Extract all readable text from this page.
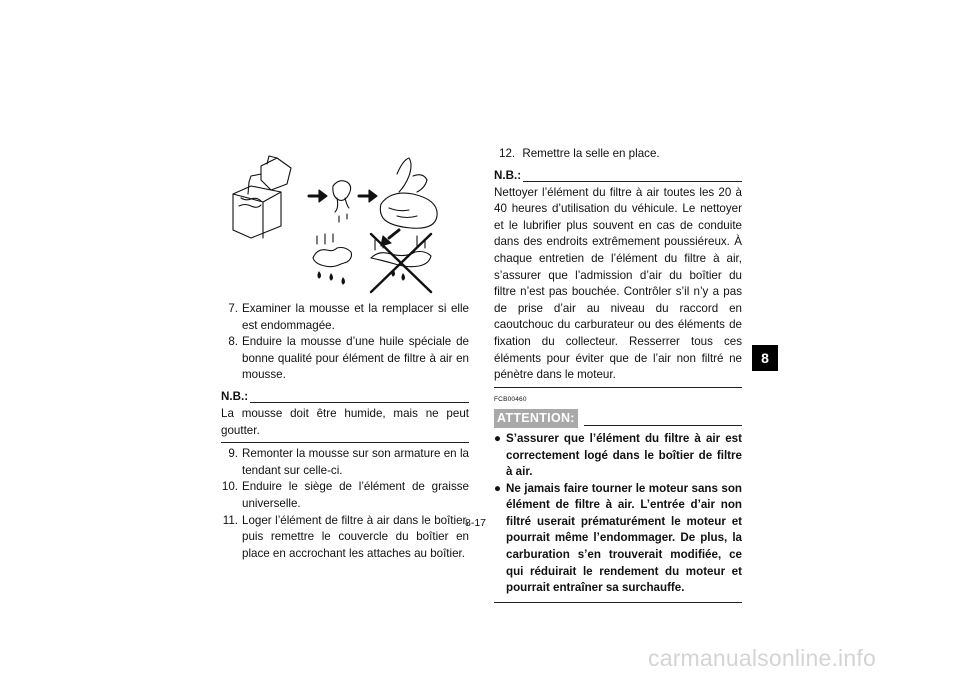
7. Examiner la mousse et la remplacer si elle est endommagée.
8. Enduire la mousse d’une huile spéciale de bonne qualité pour élément de filtre à air en mousse.
N.B.:
La mousse doit être humide, mais ne peut goutter.
9. Remonter la mousse sur son armature en la tendant sur celle-ci.
10. Enduire le siège de l’élément de graisse universelle.
11. Loger l’élément de filtre à air dans le boîtier, puis remettre le couvercle du boîtier en place en accrochant les attaches au boîtier.
12. Remettre la selle en place.
N.B.:
Nettoyer l’élément du filtre à air toutes les 20 à 40 heures d’utilisation du véhicule. Le nettoyer et le lubrifier plus souvent en cas de conduite dans des endroits extrêmement poussiéreux. À chaque entretien de l’élément du filtre à air, s’assurer que l’admission d’air du boîtier du filtre n’est pas bouchée. Contrôler s’il n’y a pas de prise d’air au niveau du raccord en caoutchouc du carburateur ou des éléments de fixation du collecteur. Resserrer tous ces éléments pour éviter que de l’air non filtré ne pénètre dans le moteur.
FCB00460
ATTENTION:
● S’assurer que l’élément du filtre à air est correctement logé dans le boîtier de filtre à air.
● Ne jamais faire tourner le moteur sans son élément de filtre à air. L’entrée d’air non filtré userait prématurément le moteur et pourrait même l’endommager. De plus, la carburation s’en trouverait modifiée, ce qui réduirait le rendement du moteur et pourrait entraîner sa surchauffe.
8-17
8
carmanualsonline.info
